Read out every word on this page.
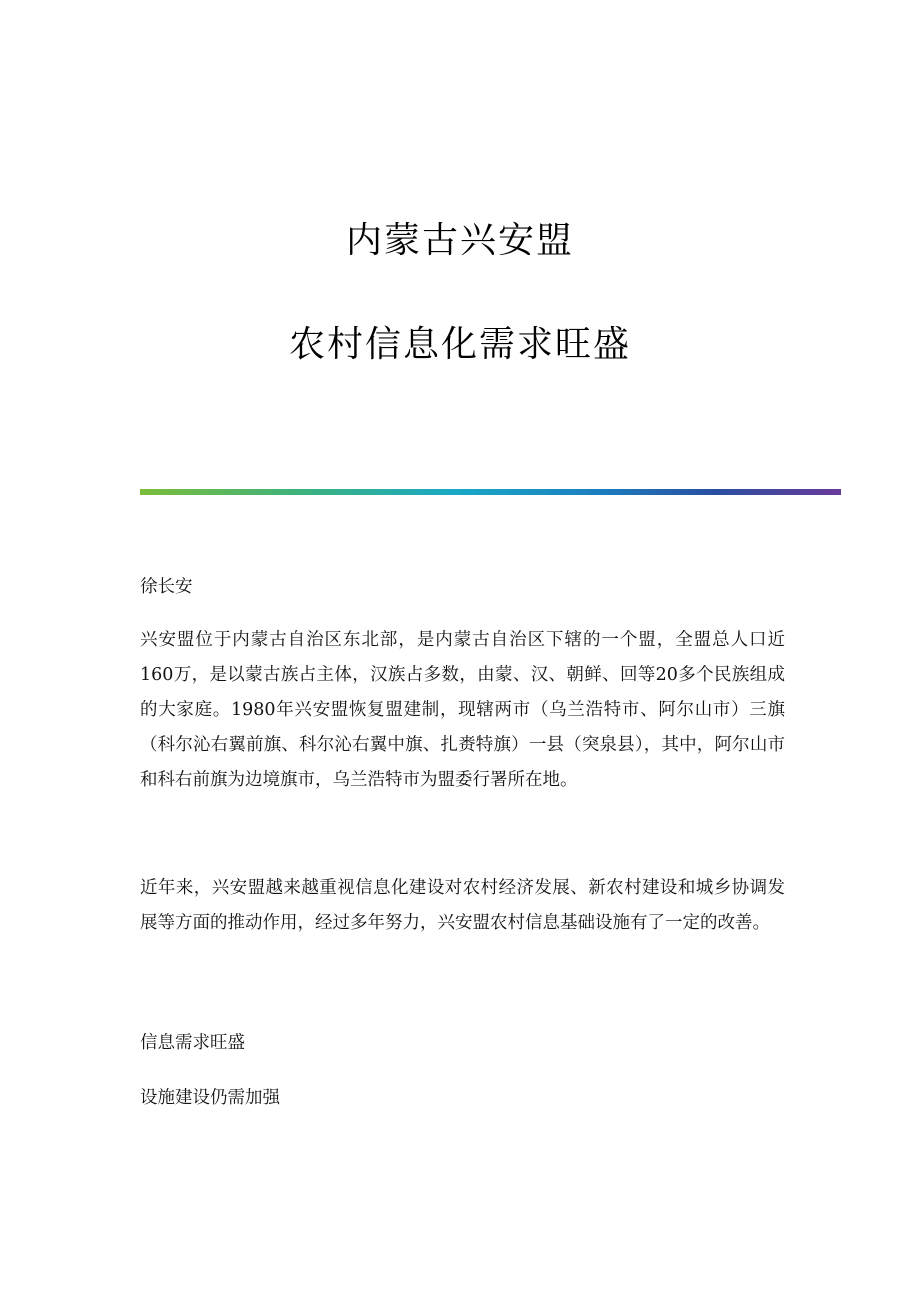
内蒙古兴安盟
农村信息化需求旺盛

徐长安

兴安盟位于内蒙古自治区东北部，是内蒙古自治区下辖的一个盟，全盟总人口近160万，是以蒙古族占主体，汉族占多数，由蒙、汉、朝鲜、回等20多个民族组成的大家庭。1980年兴安盟恢复盟建制，现辖两市（乌兰浩特市、阿尔山市）三旗（科尔沁右翼前旗、科尔沁右翼中旗、扎赉特旗）一县（突泉县），其中，阿尔山市和科右前旗为边境旗市，乌兰浩特市为盟委行署所在地。

近年来，兴安盟越来越重视信息化建设对农村经济发展、新农村建设和城乡协调发展等方面的推动作用，经过多年努力，兴安盟农村信息基础设施有了一定的改善。

信息需求旺盛

设施建设仍需加强
